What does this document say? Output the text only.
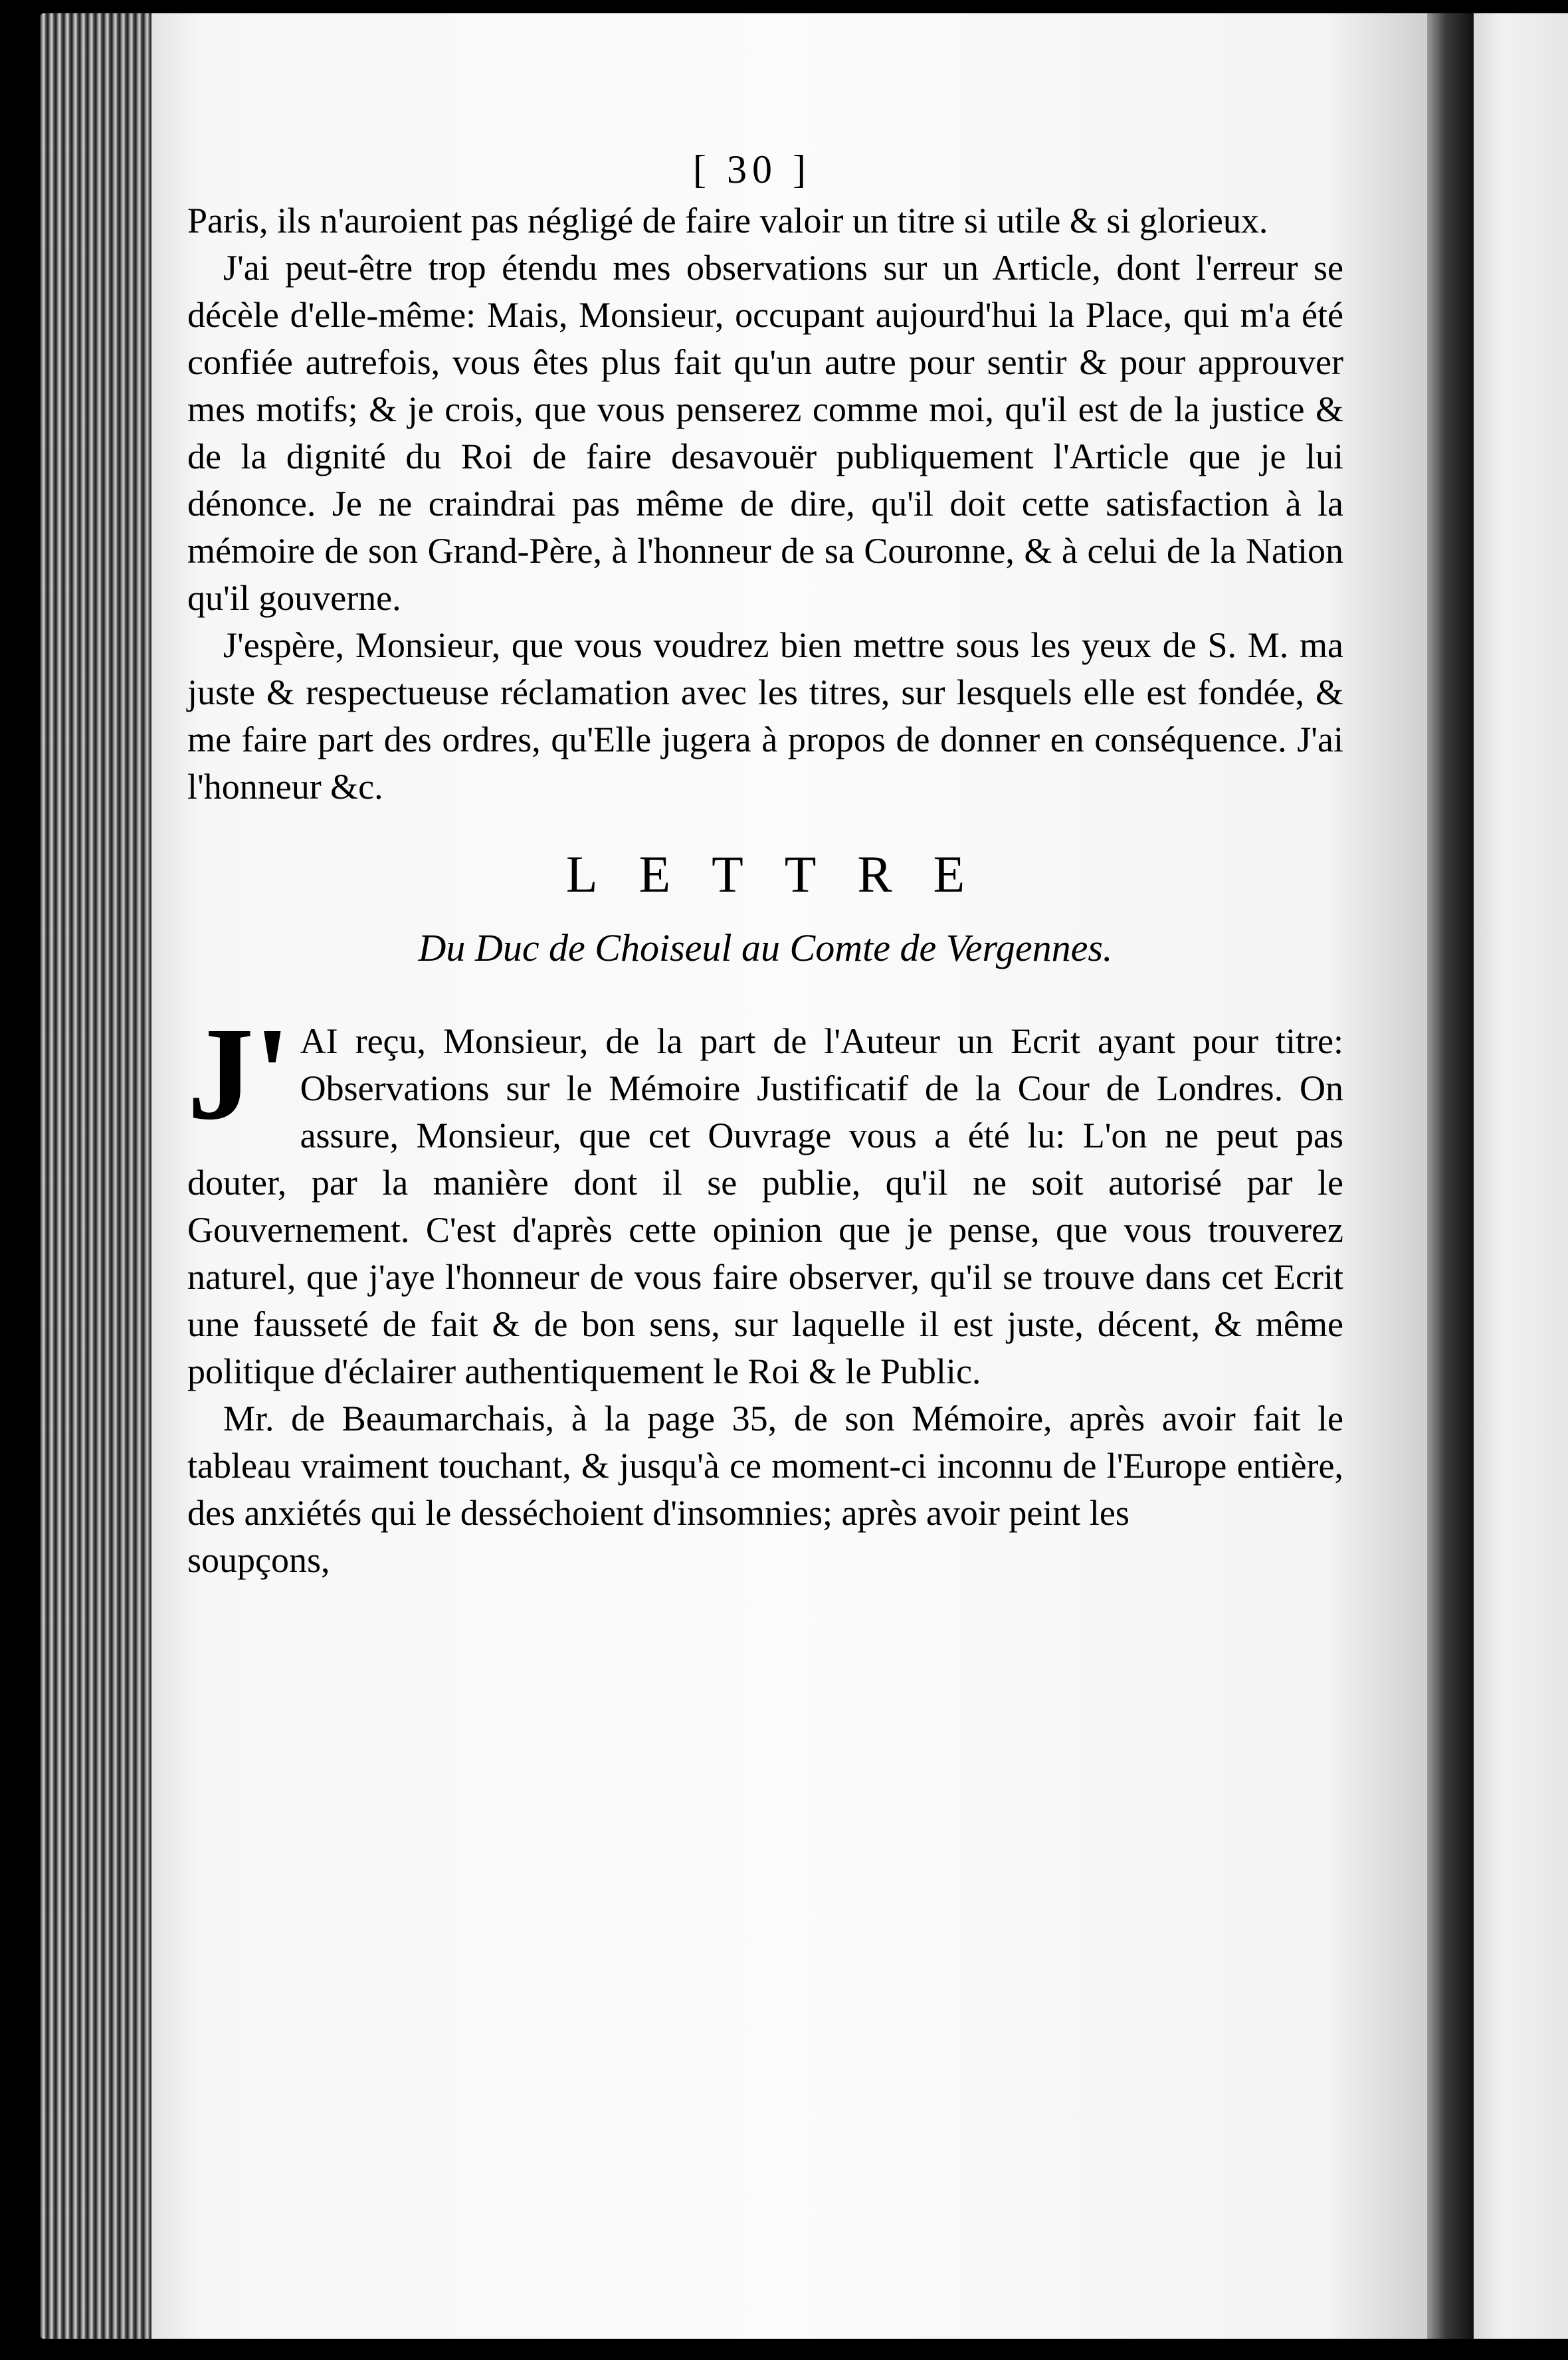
[ 30 ]

Paris, ils n'auroient pas négligé de faire valoir un titre si utile & si glorieux.

J'ai peut-être trop étendu mes observations sur un Article, dont l'erreur se décèle d'elle-même: Mais, Monsieur, occupant aujourd'hui la Place, qui m'a été confiée autrefois, vous êtes plus fait qu'un autre pour sentir & pour approuver mes motifs; & je crois, que vous penserez comme moi, qu'il est de la justice & de la dignité du Roi de faire desavouër publiquement l'Article que je lui dénonce. Je ne craindrai pas même de dire, qu'il doit cette satisfaction à la mémoire de son Grand-Père, à l'honneur de sa Couronne, & à celui de la Nation qu'il gouverne.

J'espère, Monsieur, que vous voudrez bien mettre sous les yeux de S. M. ma juste & respectueuse réclamation avec les titres, sur lesquels elle est fondée, & me faire part des ordres, qu'Elle jugera à propos de donner en conséquence. J'ai l'honneur &c.

LETTRE
Du Duc de Choiseul au Comte de Vergennes.

J'AI reçu, Monsieur, de la part de l'Auteur un Ecrit ayant pour titre: Observations sur le Mémoire Justificatif de la Cour de Londres. On assure, Monsieur, que cet Ouvrage vous a été lu: L'on ne peut pas douter, par la manière dont il se publie, qu'il ne soit autorisé par le Gouvernement. C'est d'après cette opinion que je pense, que vous trouverez naturel, que j'aye l'honneur de vous faire observer, qu'il se trouve dans cet Ecrit une fausseté de fait & de bon sens, sur laquelle il est juste, décent, & même politique d'éclairer authentiquement le Roi & le Public.

Mr. de Beaumarchais, à la page 35, de son Mémoire, après avoir fait le tableau vraiment touchant, & jusqu'à ce moment-ci inconnu de l'Europe entière, des anxiétés qui le desséchoient d'insomnies; après avoir peint les

soupçons,
